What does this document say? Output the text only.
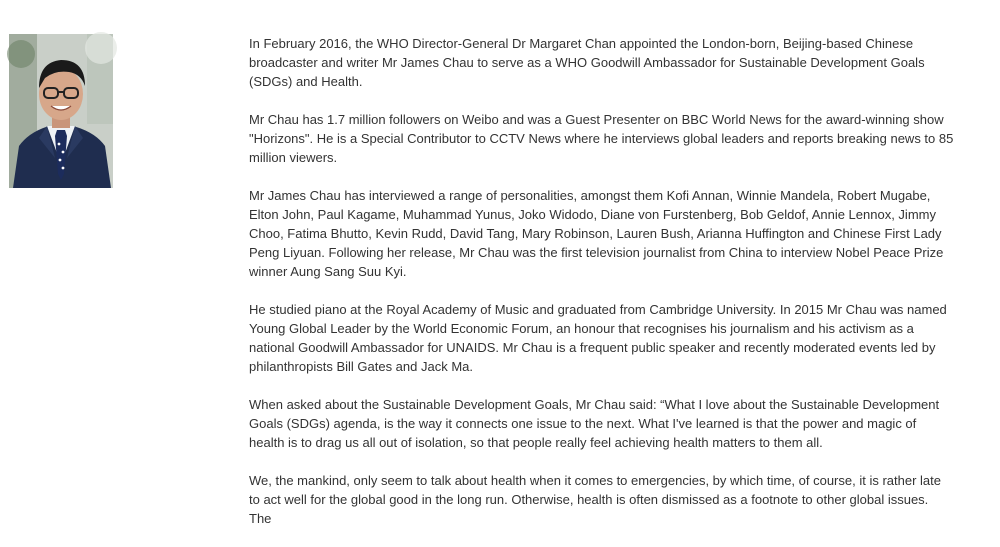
In February 2016, the WHO Director-General Dr Margaret Chan appointed the London-born, Beijing-based Chinese broadcaster and writer Mr James Chau to serve as a WHO Goodwill Ambassador for Sustainable Development Goals (SDGs) and Health.

Mr Chau has 1.7 million followers on Weibo and was a Guest Presenter on BBC World News for the award-winning show "Horizons". He is a Special Contributor to CCTV News where he interviews global leaders and reports breaking news to 85 million viewers.

Mr James Chau has interviewed a range of personalities, amongst them Kofi Annan, Winnie Mandela, Robert Mugabe, Elton John, Paul Kagame, Muhammad Yunus, Joko Widodo, Diane von Furstenberg, Bob Geldof, Annie Lennox, Jimmy Choo, Fatima Bhutto, Kevin Rudd, David Tang, Mary Robinson, Lauren Bush, Arianna Huffington and Chinese First Lady Peng Liyuan. Following her release, Mr Chau was the first television journalist from China to interview Nobel Peace Prize winner Aung Sang Suu Kyi.

He studied piano at the Royal Academy of Music and graduated from Cambridge University. In 2015 Mr Chau was named Young Global Leader by the World Economic Forum, an honour that recognises his journalism and his activism as a national Goodwill Ambassador for UNAIDS. Mr Chau is a frequent public speaker and recently moderated events led by philanthropists Bill Gates and Jack Ma.

When asked about the Sustainable Development Goals, Mr Chau said: “What I love about the Sustainable Development Goals (SDGs) agenda, is the way it connects one issue to the next. What I've learned is that the power and magic of health is to drag us all out of isolation, so that people really feel achieving health matters to them all.

We, the mankind, only seem to talk about health when it comes to emergencies, by which time, of course, it is rather late to act well for the global good in the long run. Otherwise, health is often dismissed as a footnote to other global issues. The
